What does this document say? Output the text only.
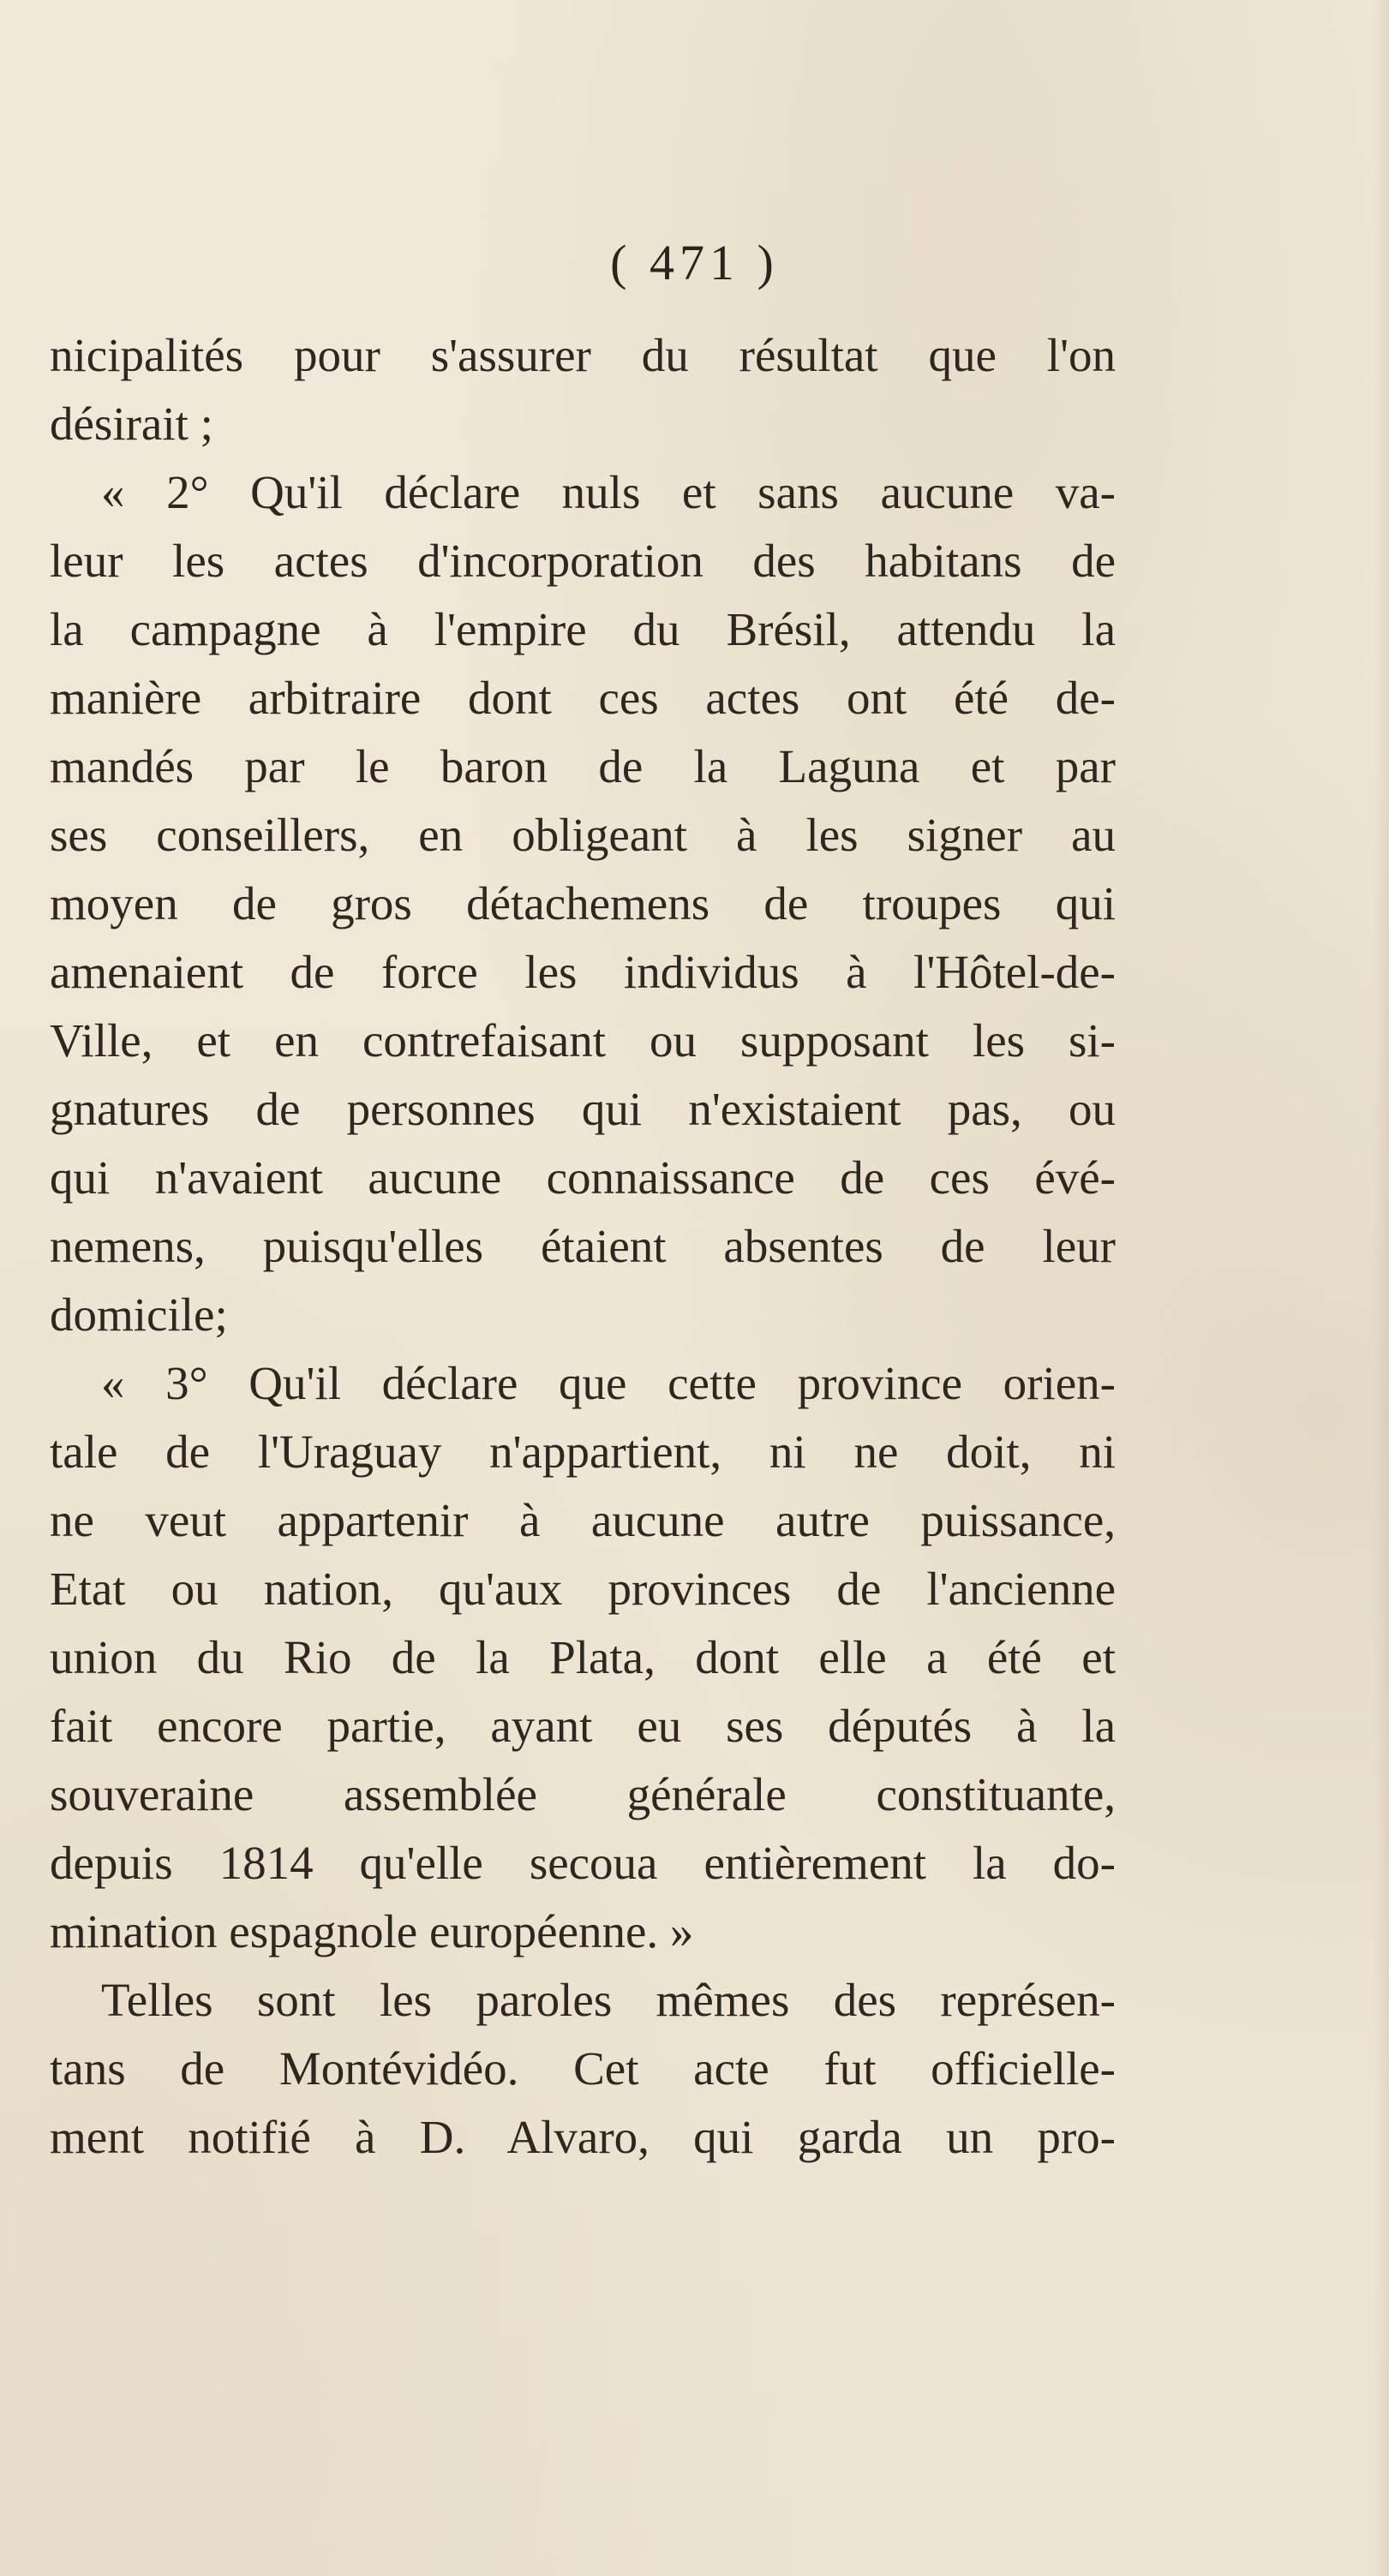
( 471 )
nicipalités pour s'assurer du résultat que l'on
désirait ;
« 2° Qu'il déclare nuls et sans aucune va-
leur les actes d'incorporation des habitans de
la campagne à l'empire du Brésil, attendu la
manière arbitraire dont ces actes ont été de-
mandés par le baron de la Laguna et par
ses conseillers, en obligeant à les signer au
moyen de gros détachemens de troupes qui
amenaient de force les individus à l'Hôtel-de-
Ville, et en contrefaisant ou supposant les si-
gnatures de personnes qui n'existaient pas, ou
qui n'avaient aucune connaissance de ces évé-
nemens, puisqu'elles étaient absentes de leur
domicile;
« 3° Qu'il déclare que cette province orien-
tale de l'Uraguay n'appartient, ni ne doit, ni
ne veut appartenir à aucune autre puissance,
Etat ou nation, qu'aux provinces de l'ancienne
union du Rio de la Plata, dont elle a été et
fait encore partie, ayant eu ses députés à la
souveraine assemblée générale constituante,
depuis 1814 qu'elle secoua entièrement la do-
mination espagnole européenne. »
Telles sont les paroles mêmes des représen-
tans de Montévidéo. Cet acte fut officielle-
ment notifié à D. Alvaro, qui garda un pro-
